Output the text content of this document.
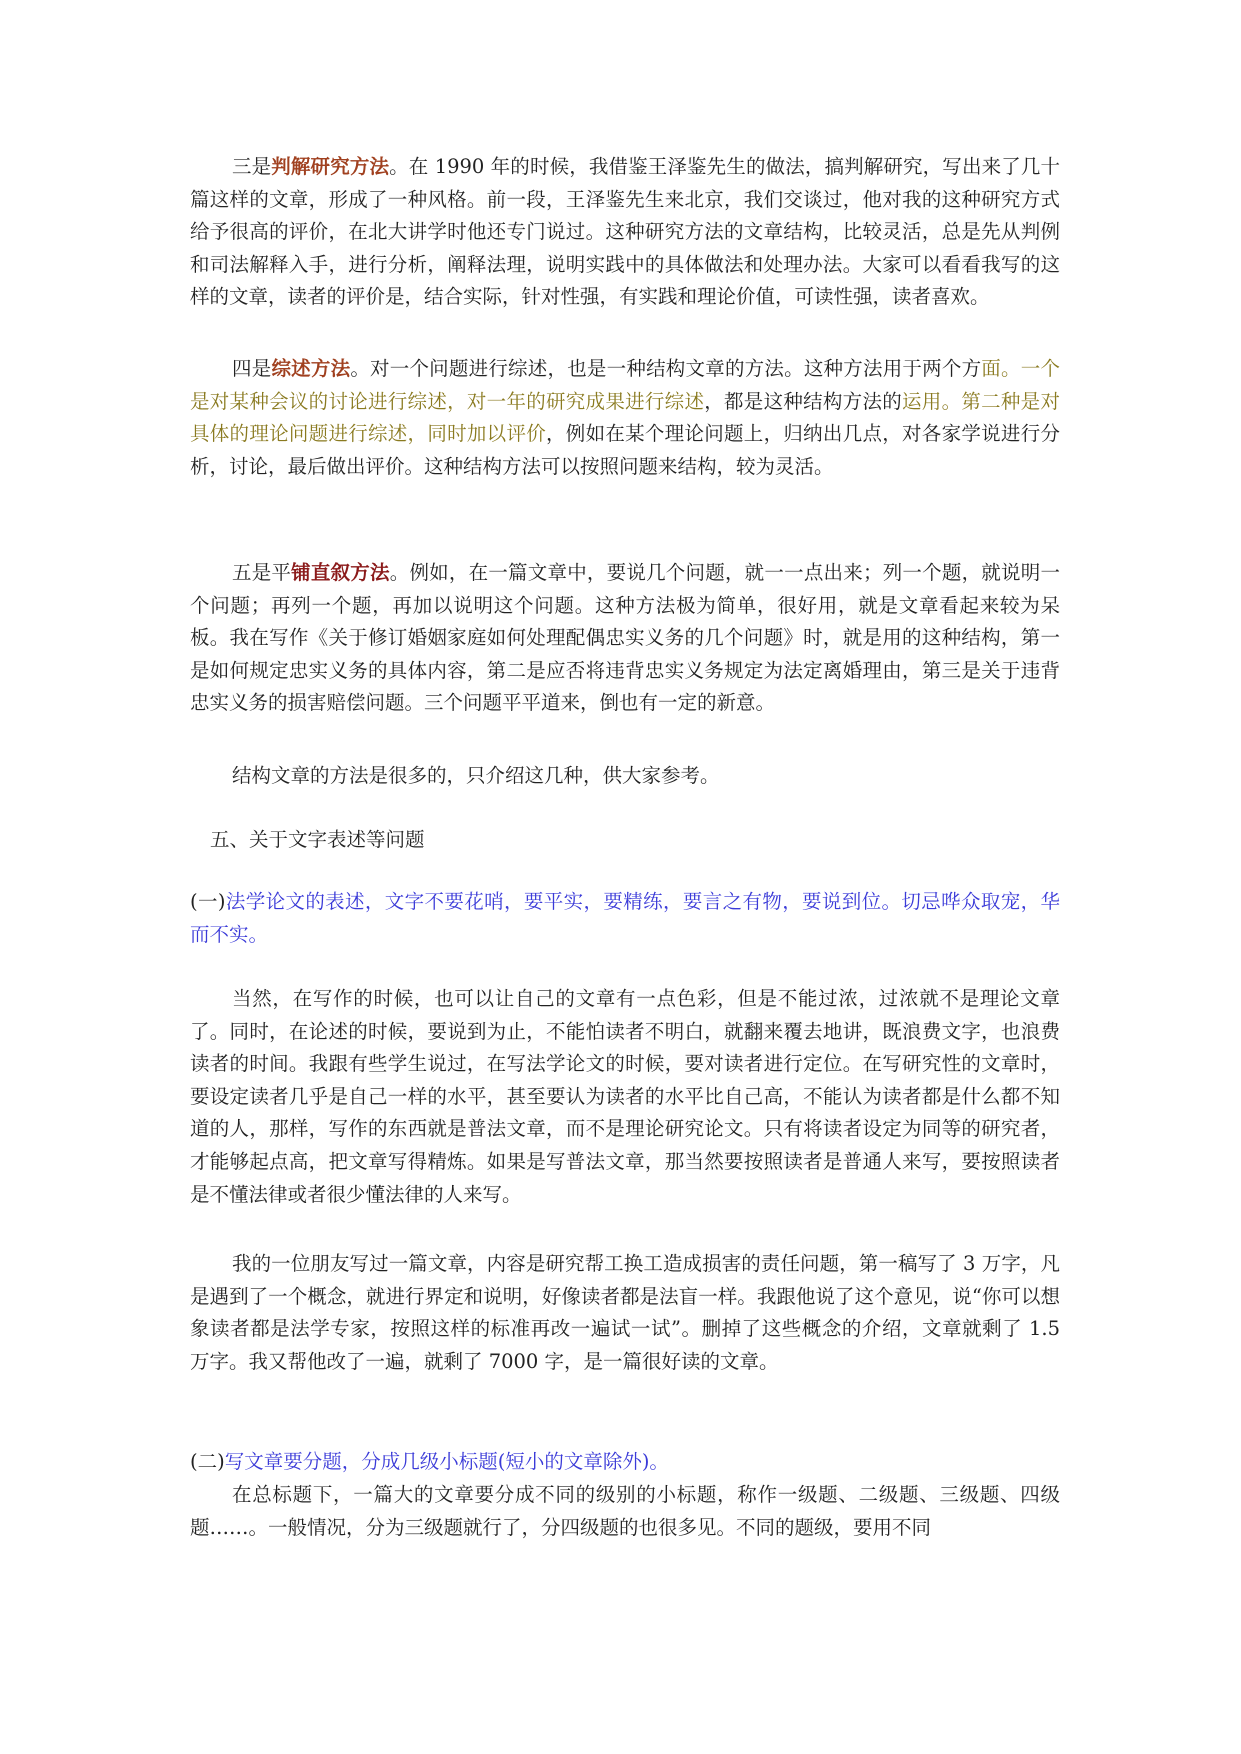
三是判解研究方法。在 1990 年的时候，我借鉴王泽鉴先生的做法，搞判解研究，写出来了几十篇这样的文章，形成了一种风格。前一段，王泽鉴先生来北京，我们交谈过，他对我的这种研究方式给予很高的评价，在北大讲学时他还专门说过。这种研究方法的文章结构，比较灵活，总是先从判例和司法解释入手，进行分析，阐释法理，说明实践中的具体做法和处理办法。大家可以看看我写的这样的文章，读者的评价是，结合实际，针对性强，有实践和理论价值，可读性强，读者喜欢。

四是综述方法。对一个问题进行综述，也是一种结构文章的方法。这种方法用于两个方面。一个是对某种会议的讨论进行综述，对一年的研究成果进行综述，都是这种结构方法的运用。第二种是对具体的理论问题进行综述，同时加以评价，例如在某个理论问题上，归纳出几点，对各家学说进行分析，讨论，最后做出评价。这种结构方法可以按照问题来结构，较为灵活。

五是平铺直叙方法。例如，在一篇文章中，要说几个问题，就一一点出来；列一个题，就说明一个问题；再列一个题，再加以说明这个问题。这种方法极为简单，很好用，就是文章看起来较为呆板。我在写作《关于修订婚姻家庭如何处理配偶忠实义务的几个问题》时，就是用的这种结构，第一是如何规定忠实义务的具体内容，第二是应否将违背忠实义务规定为法定离婚理由，第三是关于违背忠实义务的损害赔偿问题。三个问题平平道来，倒也有一定的新意。

结构文章的方法是很多的，只介绍这几种，供大家参考。

五、关于文字表述等问题

(一)法学论文的表述，文字不要花哨，要平实，要精练，要言之有物，要说到位。切忌哗众取宠，华而不实。

当然，在写作的时候，也可以让自己的文章有一点色彩，但是不能过浓，过浓就不是理论文章了。同时，在论述的时候，要说到为止，不能怕读者不明白，就翻来覆去地讲，既浪费文字，也浪费读者的时间。我跟有些学生说过，在写法学论文的时候，要对读者进行定位。在写研究性的文章时，要设定读者几乎是自己一样的水平，甚至要认为读者的水平比自己高，不能认为读者都是什么都不知道的人，那样，写作的东西就是普法文章，而不是理论研究论文。只有将读者设定为同等的研究者，才能够起点高，把文章写得精炼。如果是写普法文章，那当然要按照读者是普通人来写，要按照读者是不懂法律或者很少懂法律的人来写。

我的一位朋友写过一篇文章，内容是研究帮工换工造成损害的责任问题，第一稿写了 3 万字，凡是遇到了一个概念，就进行界定和说明，好像读者都是法盲一样。我跟他说了这个意见，说“你可以想象读者都是法学专家，按照这样的标准再改一遍试一试”。删掉了这些概念的介绍，文章就剩了 1.5 万字。我又帮他改了一遍，就剩了 7000 字，是一篇很好读的文章。

(二)写文章要分题，分成几级小标题(短小的文章除外)。

在总标题下，一篇大的文章要分成不同的级别的小标题，称作一级题、二级题、三级题、四级题……。一般情况，分为三级题就行了，分四级题的也很多见。不同的题级，要用不同
